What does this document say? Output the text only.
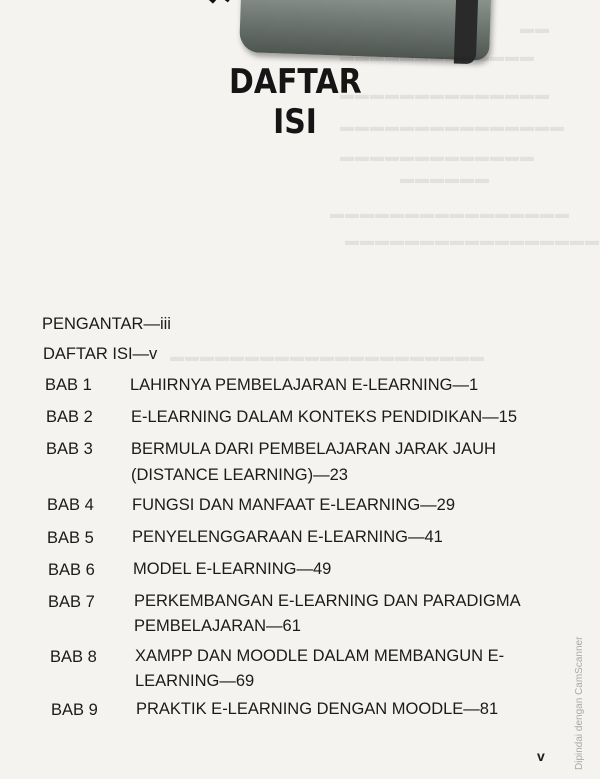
▬▬
▬▬▬▬▬▬▬▬▬▬▬▬▬
▬▬▬▬▬▬▬▬▬▬▬▬▬▬
▬▬▬▬▬▬▬▬▬▬▬▬▬▬▬
▬▬▬▬▬▬▬▬▬▬▬▬▬
▬▬▬▬▬▬
▬▬▬▬▬▬▬▬▬▬▬▬▬▬▬▬
▬▬▬▬▬▬▬▬▬▬▬▬▬▬▬▬▬
▬▬▬▬▬▬▬▬▬▬▬▬▬▬▬▬▬▬▬▬▬
DAFTAR
ISI
PENGANTAR—iii
DAFTAR ISI—v
BAB 1 LAHIRNYA PEMBELAJARAN E-LEARNING—1
BAB 2 E-LEARNING DALAM KONTEKS PENDIDIKAN—15
BAB 3 BERMULA DARI PEMBELAJARAN JARAK JAUH (DISTANCE LEARNING)—23
BAB 4 FUNGSI DAN MANFAAT E-LEARNING—29
BAB 5 PENYELENGGARAAN E-LEARNING—41
BAB 6 MODEL E-LEARNING—49
BAB 7 PERKEMBANGAN E-LEARNING DAN PARADIGMA PEMBELAJARAN—61
BAB 8 XAMPP DAN MOODLE DALAM MEMBANGUN E-LEARNING—69
BAB 9 PRAKTIK E-LEARNING DENGAN MOODLE—81
v	Dipindai dengan CamScanner
